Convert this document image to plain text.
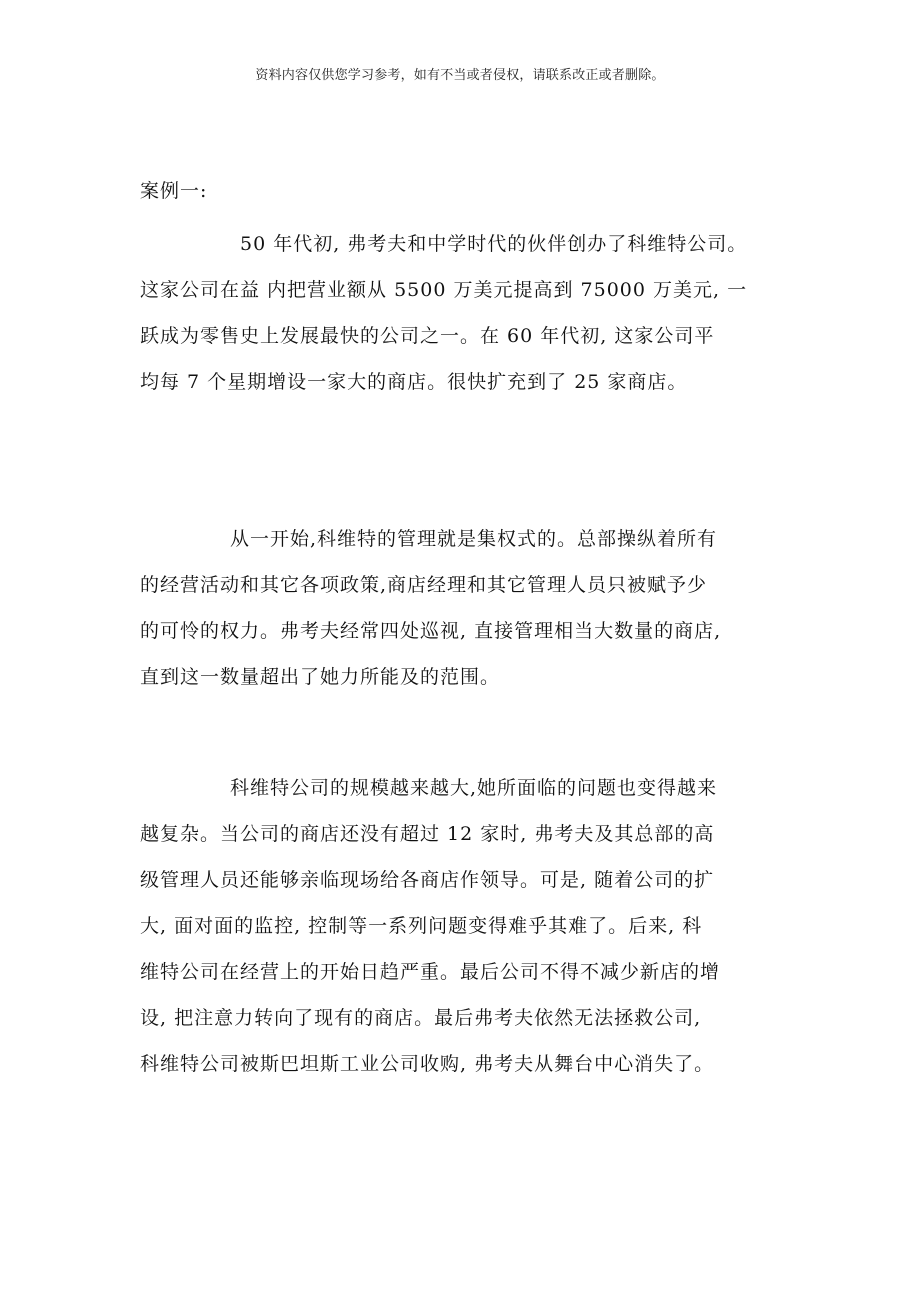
资料内容仅供您学习参考，如有不当或者侵权，请联系改正或者删除。
案例一:
50 年代初, 弗考夫和中学时代的伙伴创办了科维特公司。
这家公司在益 内把营业额从 5500 万美元提高到 75000 万美元, 一
跃成为零售史上发展最快的公司之一。在 60 年代初, 这家公司平
均每 7 个星期增设一家大的商店。很快扩充到了 25 家商店。
从一开始,科维特的管理就是集权式的。总部操纵着所有
的经营活动和其它各项政策,商店经理和其它管理人员只被赋予少
的可怜的权力。弗考夫经常四处巡视, 直接管理相当大数量的商店,
直到这一数量超出了她力所能及的范围。
科维特公司的规模越来越大,她所面临的问题也变得越来
越复杂。当公司的商店还没有超过 12 家时, 弗考夫及其总部的高
级管理人员还能够亲临现场给各商店作领导。可是, 随着公司的扩
大, 面对面的监控, 控制等一系列问题变得难乎其难了。后来, 科
维特公司在经营上的开始日趋严重。最后公司不得不减少新店的增
设, 把注意力转向了现有的商店。最后弗考夫依然无法拯救公司,
科维特公司被斯巴坦斯工业公司收购, 弗考夫从舞台中心消失了。
